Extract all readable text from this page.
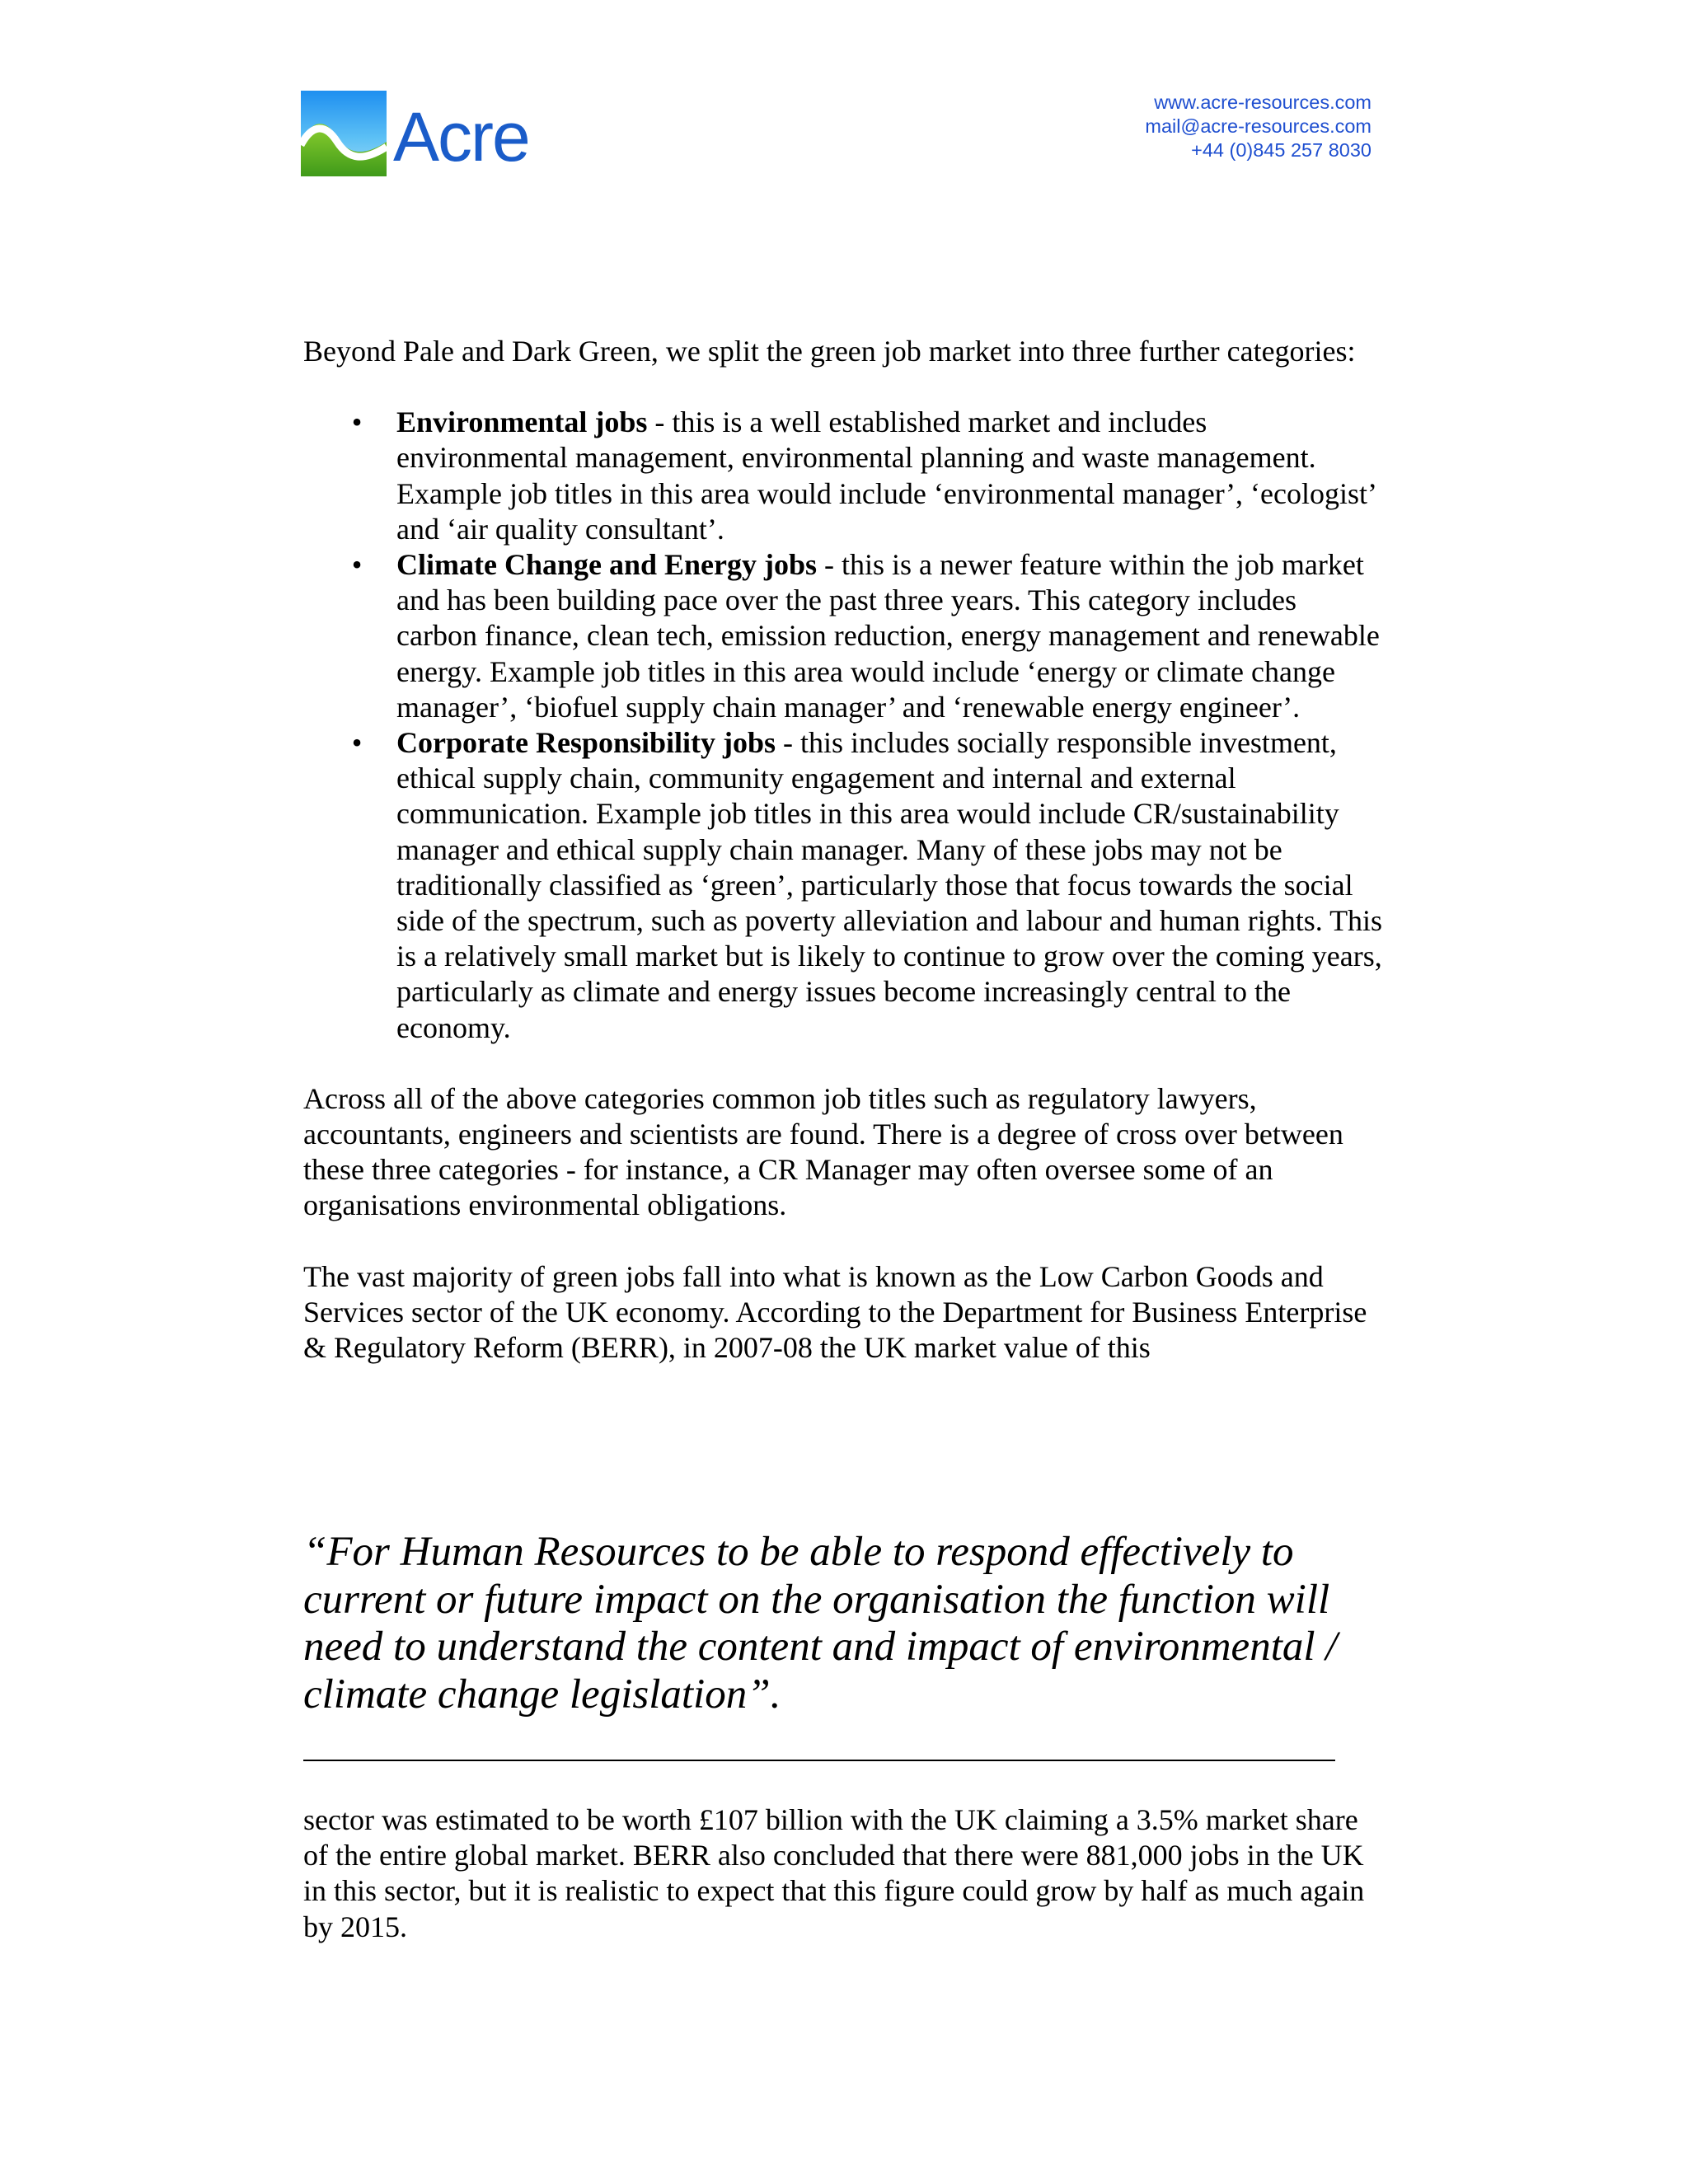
Acre	www.acre-resources.com
mail@acre-resources.com
+44 (0)845 257 8030

Beyond Pale and Dark Green, we split the green job market into three further categories:

• Environmental jobs - this is a well established market and includes environmental management, environmental planning and waste management. Example job titles in this area would include ‘environmental manager’, ‘ecologist’ and ‘air quality consultant’.
• Climate Change and Energy jobs - this is a newer feature within the job market and has been building pace over the past three years. This category includes carbon finance, clean tech, emission reduction, energy management and renewable energy. Example job titles in this area would include ‘energy or climate change manager’, ‘biofuel supply chain manager’ and ‘renewable energy engineer’.
• Corporate Responsibility jobs - this includes socially responsible investment, ethical supply chain, community engagement and internal and external communication. Example job titles in this area would include CR/sustainability manager and ethical supply chain manager. Many of these jobs may not be traditionally classified as ‘green’, particularly those that focus towards the social side of the spectrum, such as poverty alleviation and labour and human rights. This is a relatively small market but is likely to continue to grow over the coming years, particularly as climate and energy issues become increasingly central to the economy.

Across all of the above categories common job titles such as regulatory lawyers, accountants, engineers and scientists are found. There is a degree of cross over between these three categories - for instance, a CR Manager may often oversee some of an organisations environmental obligations.

The vast majority of green jobs fall into what is known as the Low Carbon Goods and Services sector of the UK economy. According to the Department for Business Enterprise & Regulatory Reform (BERR), in 2007-08 the UK market value of this

“For Human Resources to be able to respond effectively to current or future impact on the organisation the function will need to understand the content and impact of environmental / climate change legislation”.
sector was estimated to be worth £107 billion with the UK claiming a 3.5% market share of the entire global market. BERR also concluded that there were 881,000 jobs in the UK in this sector, but it is realistic to expect that this figure could grow by half as much again by 2015.
